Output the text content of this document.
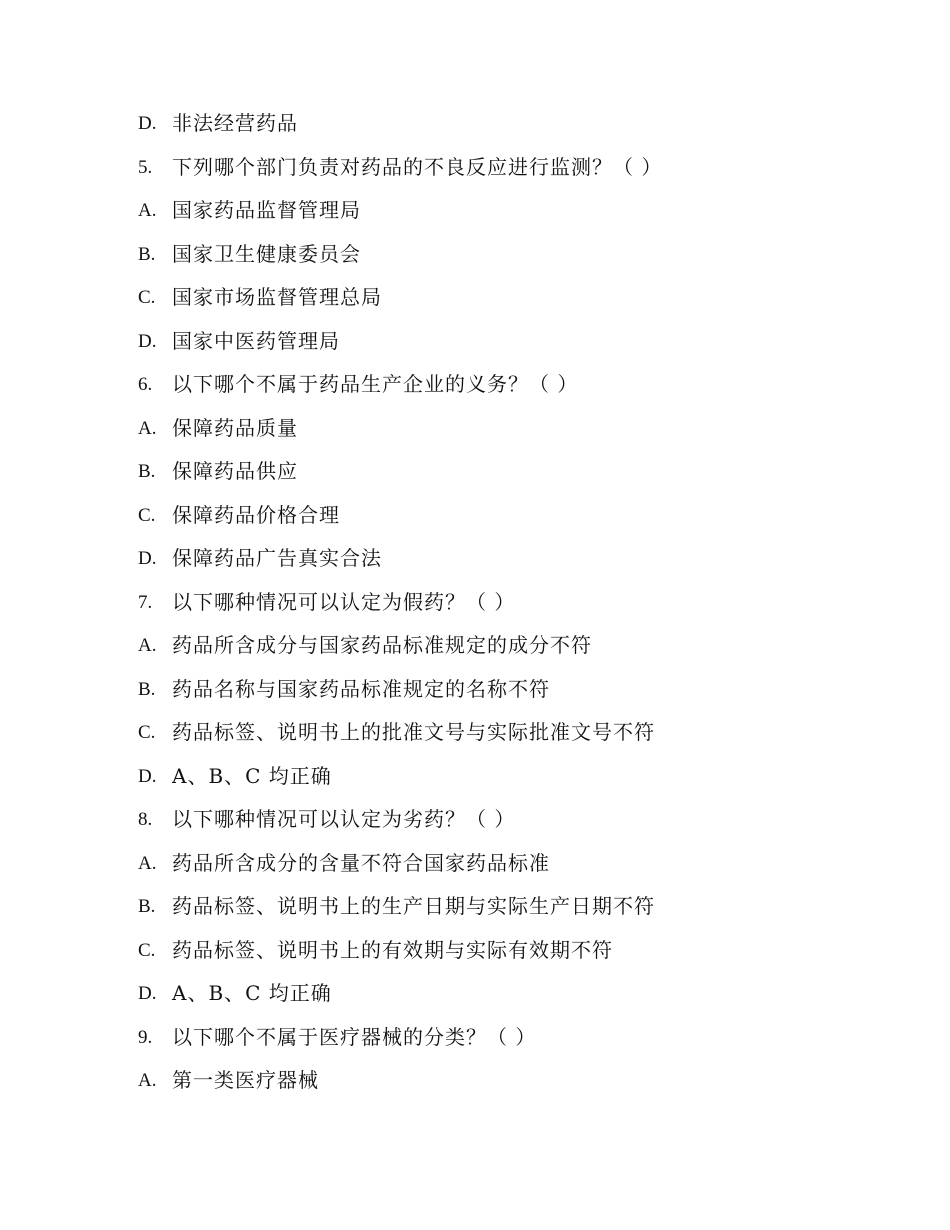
D. 非法经营药品
5. 下列哪个部门负责对药品的不良反应进行监测？（ ）
A. 国家药品监督管理局
B. 国家卫生健康委员会
C. 国家市场监督管理总局
D. 国家中医药管理局
6. 以下哪个不属于药品生产企业的义务？（ ）
A. 保障药品质量
B. 保障药品供应
C. 保障药品价格合理
D. 保障药品广告真实合法
7. 以下哪种情况可以认定为假药？（ ）
A. 药品所含成分与国家药品标准规定的成分不符
B. 药品名称与国家药品标准规定的名称不符
C. 药品标签、说明书上的批准文号与实际批准文号不符
D. A、B、C 均正确
8. 以下哪种情况可以认定为劣药？（ ）
A. 药品所含成分的含量不符合国家药品标准
B. 药品标签、说明书上的生产日期与实际生产日期不符
C. 药品标签、说明书上的有效期与实际有效期不符
D. A、B、C 均正确
9. 以下哪个不属于医疗器械的分类？（ ）
A. 第一类医疗器械
